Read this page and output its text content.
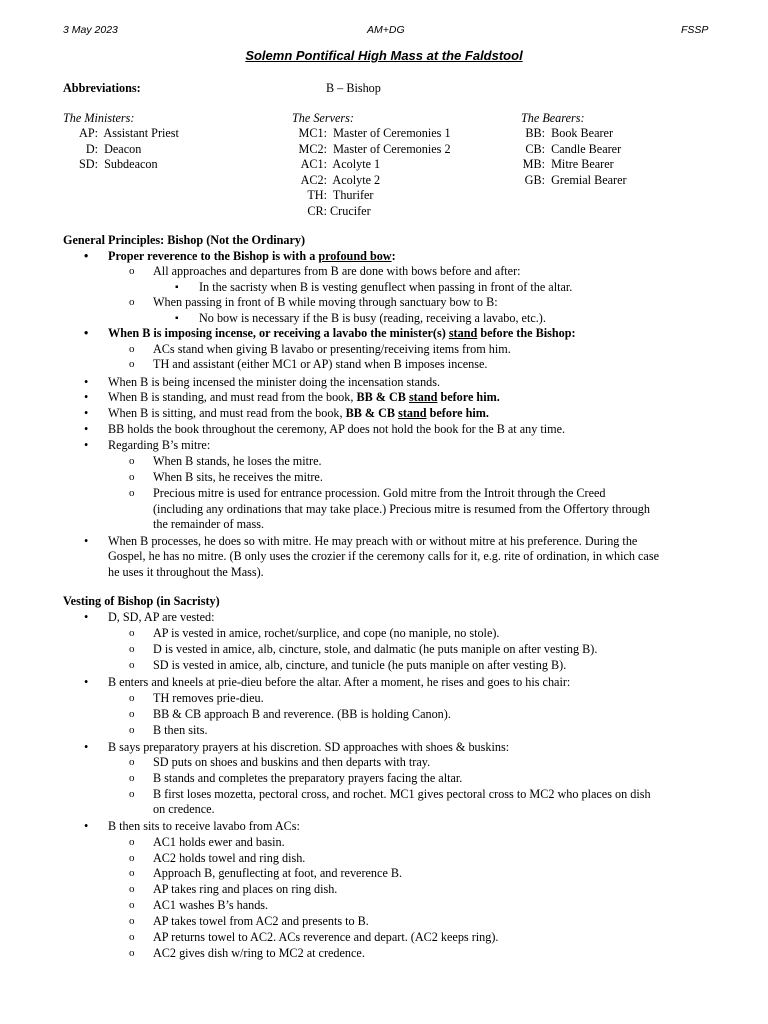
3 May 2023	AM+DG	FSSP
Solemn Pontifical High Mass at the Faldstool
Abbreviations:	B – Bishop
The Ministers:
AP: Assistant Priest
D: Deacon
SD: Subdeacon
The Servers:
MC1: Master of Ceremonies 1
MC2: Master of Ceremonies 2
AC1: Acolyte 1
AC2: Acolyte 2
TH: Thurifer
CR: Crucifer
The Bearers:
BB: Book Bearer
CB: Candle Bearer
MB: Mitre Bearer
GB: Gremial Bearer
General Principles: Bishop (Not the Ordinary)
• Proper reverence to the Bishop is with a profound bow:
o All approaches and departures from B are done with bows before and after:
▪ In the sacristy when B is vesting genuflect when passing in front of the altar.
o When passing in front of B while moving through sanctuary bow to B:
▪ No bow is necessary if the B is busy (reading, receiving a lavabo, etc.).
• When B is imposing incense, or receiving a lavabo the minister(s) stand before the Bishop:
o ACs stand when giving B lavabo or presenting/receiving items from him.
o TH and assistant (either MC1 or AP) stand when B imposes incense.
• When B is being incensed the minister doing the incensation stands.
• When B is standing, and must read from the book, BB & CB stand before him.
• When B is sitting, and must read from the book, BB & CB stand before him.
• BB holds the book throughout the ceremony, AP does not hold the book for the B at any time.
• Regarding B’s mitre:
o When B stands, he loses the mitre.
o When B sits, he receives the mitre.
o Precious mitre is used for entrance procession. Gold mitre from the Introit through the Creed
(including any ordinations that may take place.) Precious mitre is resumed from the Offertory through
the remainder of mass.
• When B processes, he does so with mitre. He may preach with or without mitre at his preference. During the
Gospel, he has no mitre. (B only uses the crozier if the ceremony calls for it, e.g. rite of ordination, in which case
he uses it throughout the Mass).
Vesting of Bishop (in Sacristy)
• D, SD, AP are vested:
o AP is vested in amice, rochet/surplice, and cope (no maniple, no stole).
o D is vested in amice, alb, cincture, stole, and dalmatic (he puts maniple on after vesting B).
o SD is vested in amice, alb, cincture, and tunicle (he puts maniple on after vesting B).
• B enters and kneels at prie-dieu before the altar. After a moment, he rises and goes to his chair:
o TH removes prie-dieu.
o BB & CB approach B and reverence. (BB is holding Canon).
o B then sits.
• B says preparatory prayers at his discretion. SD approaches with shoes & buskins:
o SD puts on shoes and buskins and then departs with tray.
o B stands and completes the preparatory prayers facing the altar.
o B first loses mozetta, pectoral cross, and rochet. MC1 gives pectoral cross to MC2 who places on dish
on credence.
• B then sits to receive lavabo from ACs:
o AC1 holds ewer and basin.
o AC2 holds towel and ring dish.
o Approach B, genuflecting at foot, and reverence B.
o AP takes ring and places on ring dish.
o AC1 washes B’s hands.
o AP takes towel from AC2 and presents to B.
o AP returns towel to AC2. ACs reverence and depart. (AC2 keeps ring).
o AC2 gives dish w/ring to MC2 at credence.
